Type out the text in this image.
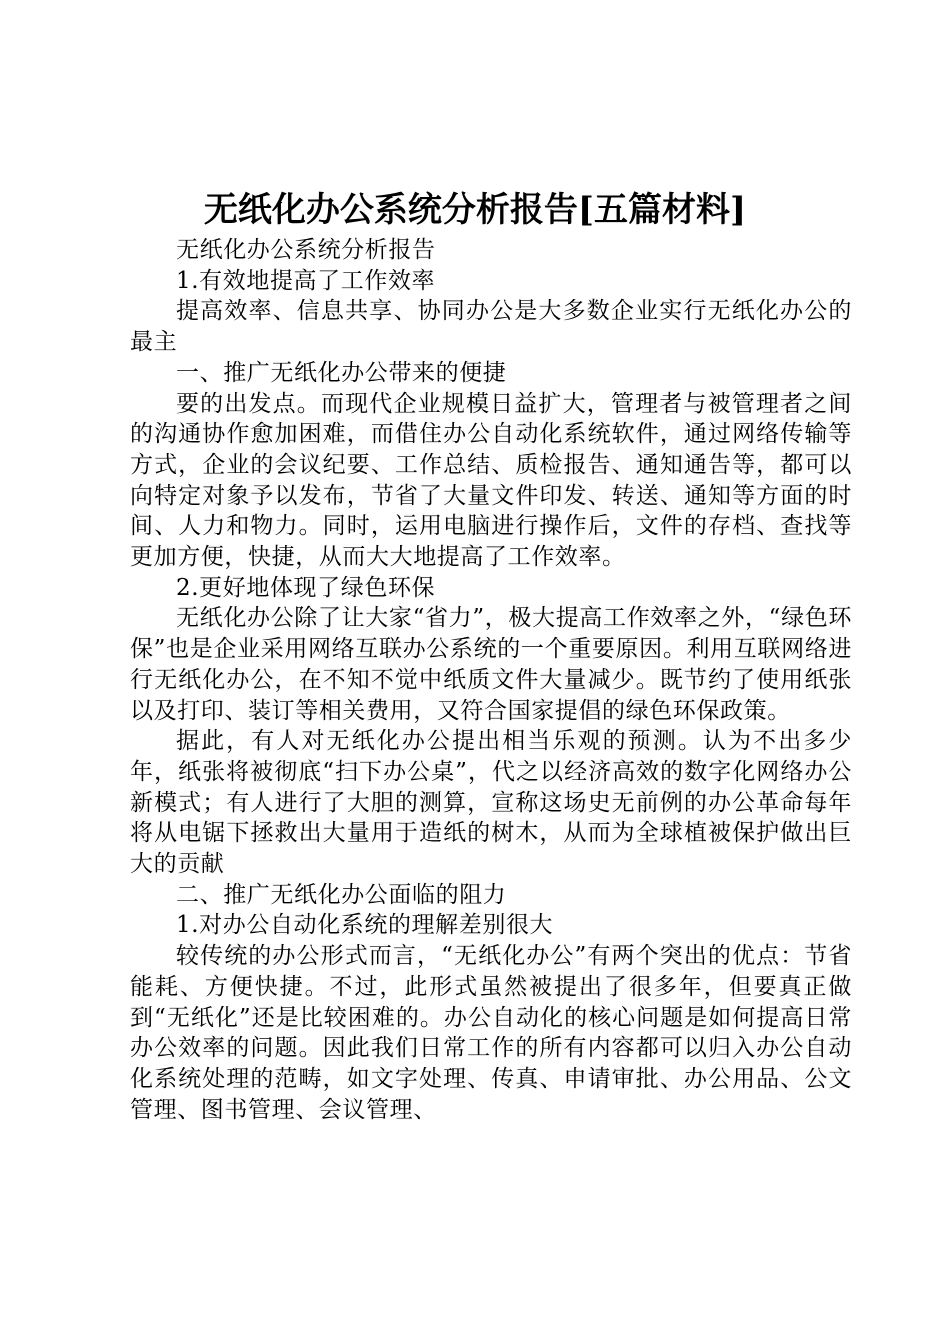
无纸化办公系统分析报告[五篇材料]

无纸化办公系统分析报告

1.有效地提高了工作效率

提高效率、信息共享、协同办公是大多数企业实行无纸化办公的最主

一、推广无纸化办公带来的便捷

要的出发点。而现代企业规模日益扩大，管理者与被管理者之间的沟通协作愈加困难，而借住办公自动化系统软件，通过网络传输等方式，企业的会议纪要、工作总结、质检报告、通知通告等，都可以向特定对象予以发布，节省了大量文件印发、转送、通知等方面的时间、人力和物力。同时，运用电脑进行操作后，文件的存档、查找等更加方便，快捷，从而大大地提高了工作效率。

2.更好地体现了绿色环保

无纸化办公除了让大家“省力”，极大提高工作效率之外，“绿色环保”也是企业采用网络互联办公系统的一个重要原因。利用互联网络进行无纸化办公，在不知不觉中纸质文件大量减少。既节约了使用纸张以及打印、装订等相关费用，又符合国家提倡的绿色环保政策。

据此，有人对无纸化办公提出相当乐观的预测。认为不出多少年，纸张将被彻底“扫下办公桌”，代之以经济高效的数字化网络办公新模式；有人进行了大胆的测算，宣称这场史无前例的办公革命每年将从电锯下拯救出大量用于造纸的树木，从而为全球植被保护做出巨大的贡献

二、推广无纸化办公面临的阻力

1.对办公自动化系统的理解差别很大

较传统的办公形式而言，“无纸化办公”有两个突出的优点：节省能耗、方便快捷。不过，此形式虽然被提出了很多年，但要真正做到“无纸化”还是比较困难的。办公自动化的核心问题是如何提高日常办公效率的问题。因此我们日常工作的所有内容都可以归入办公自动化系统处理的范畴，如文字处理、传真、申请审批、办公用品、公文管理、图书管理、会议管理、
